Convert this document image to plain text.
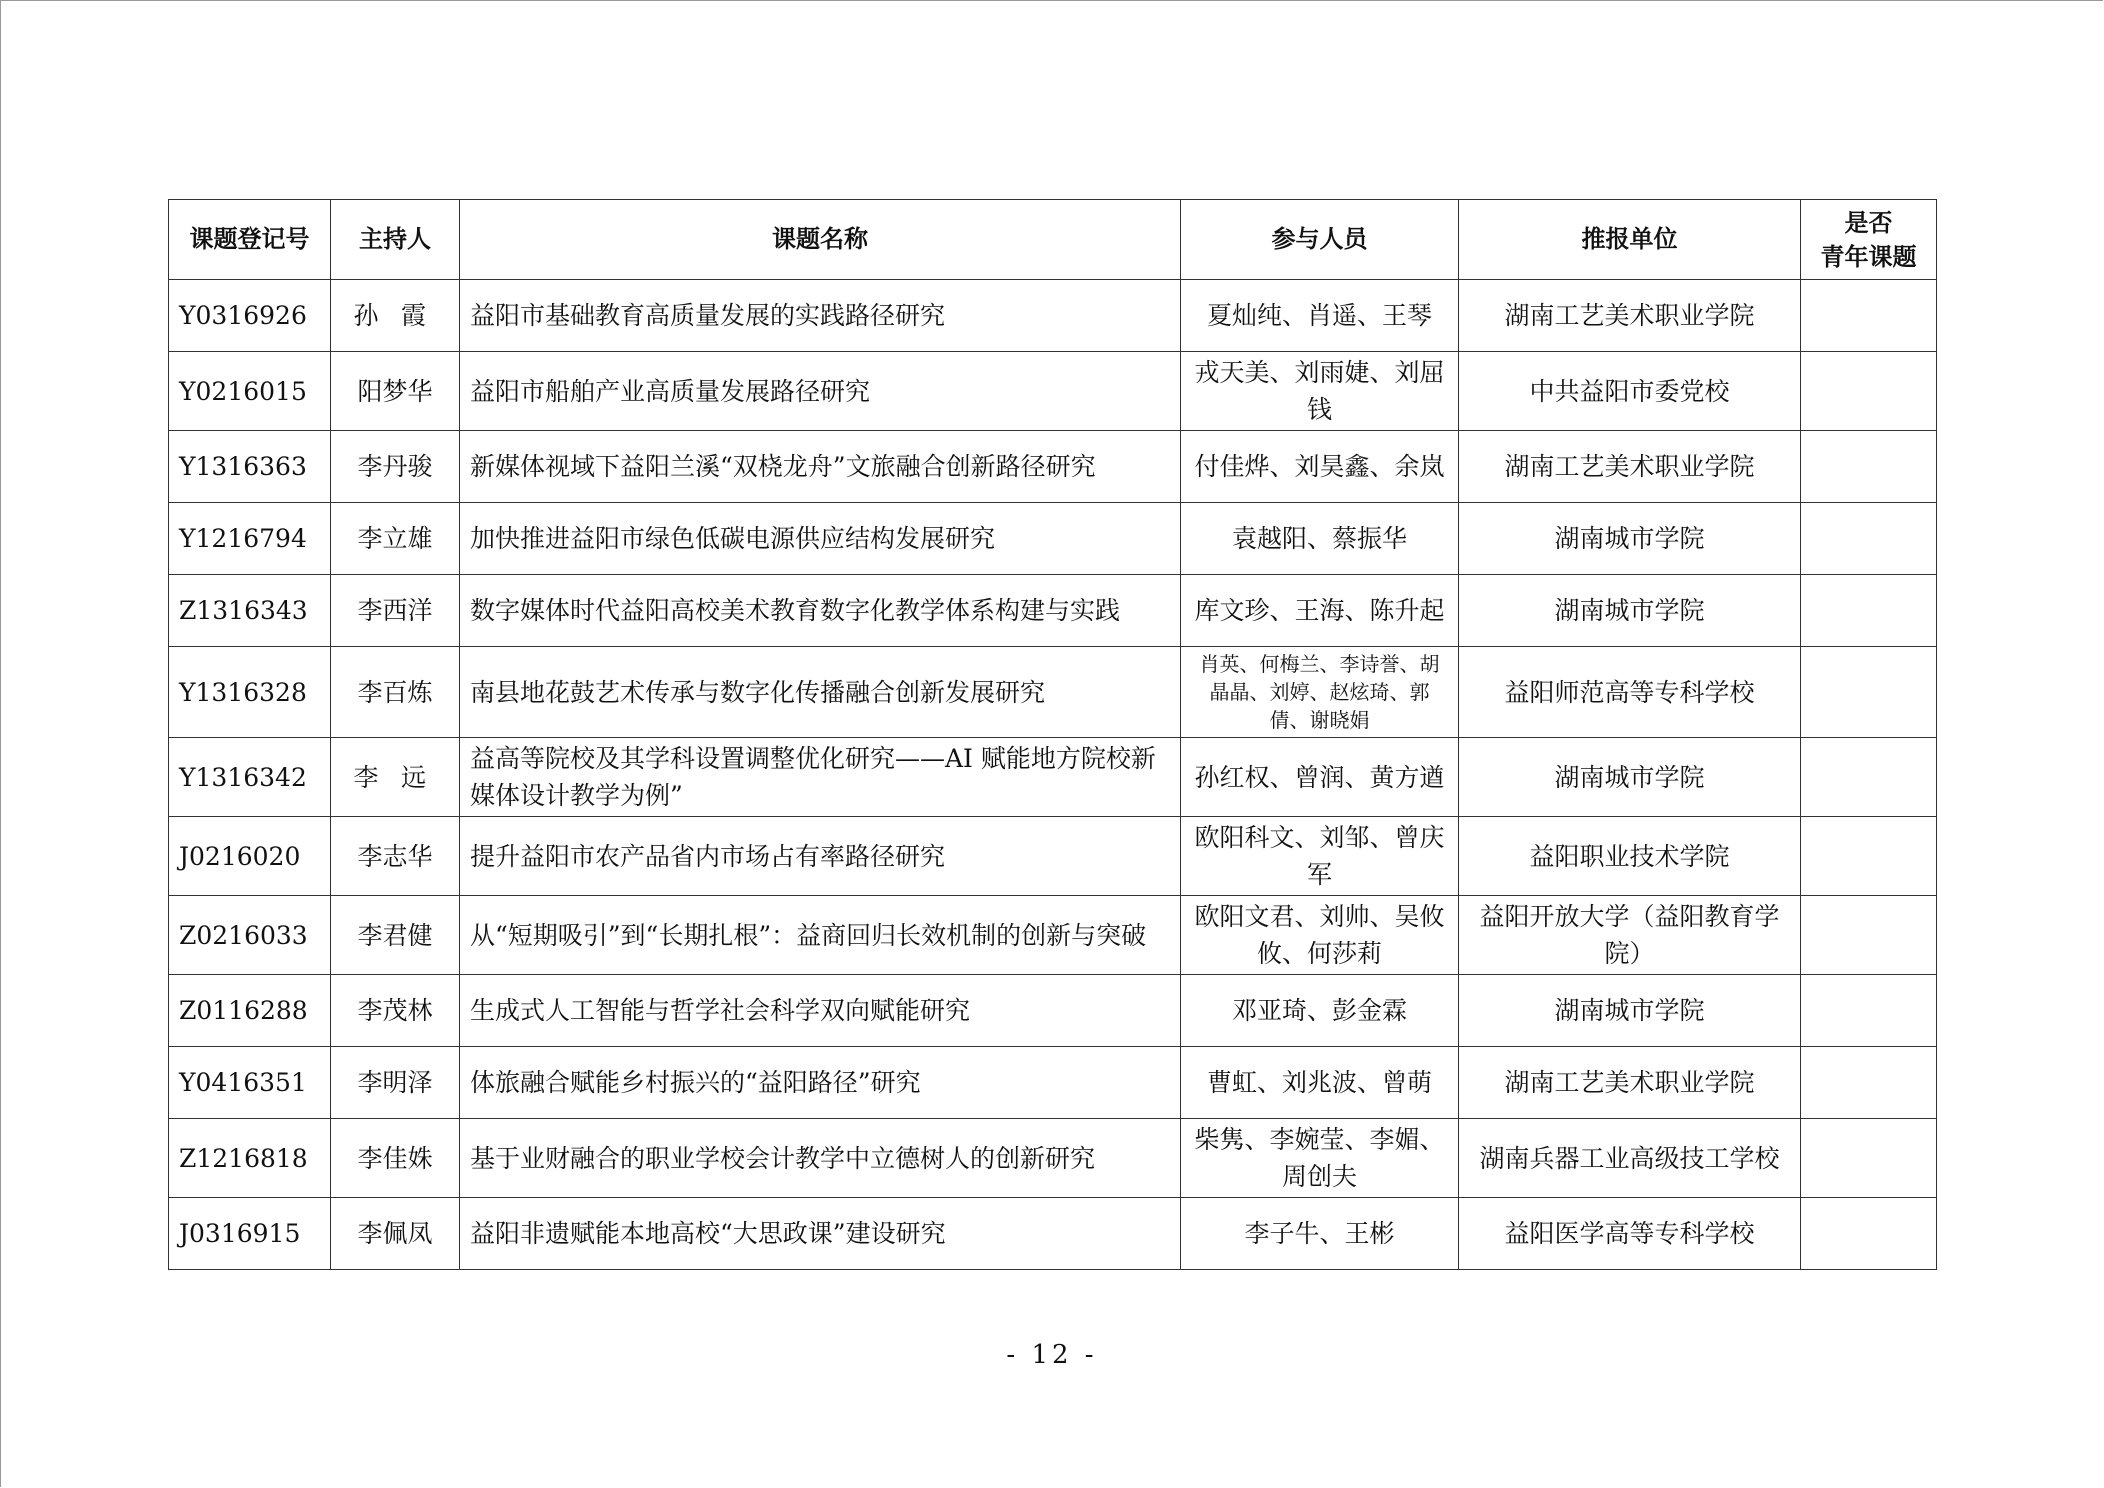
课题登记号	主持人	课题名称	参与人员	推报单位	是否
青年课题

Y0316926	孙霞	益阳市基础教育高质量发展的实践路径研究	夏灿纯、肖遥、王琴	湖南工艺美术职业学院	
Y0216015	阳梦华	益阳市船舶产业高质量发展路径研究	戎天美、刘雨婕、刘屈钱	中共益阳市委党校	
Y1316363	李丹骏	新媒体视域下益阳兰溪“双桡龙舟”文旅融合创新路径研究	付佳烨、刘昊鑫、余岚	湖南工艺美术职业学院	
Y1216794	李立雄	加快推进益阳市绿色低碳电源供应结构发展研究	袁越阳、蔡振华	湖南城市学院	
Z1316343	李西洋	数字媒体时代益阳高校美术教育数字化教学体系构建与实践	库文珍、王海、陈升起	湖南城市学院	
Y1316328	李百炼	南县地花鼓艺术传承与数字化传播融合创新发展研究	肖英、何梅兰、李诗誉、胡晶晶、刘婷、赵炫琦、郭倩、谢晓娟	益阳师范高等专科学校	
Y1316342	李远	益高等院校及其学科设置调整优化研究——AI 赋能地方院校新媒体设计教学为例”	孙红权、曾润、黄方遒	湖南城市学院	
J0216020	李志华	提升益阳市农产品省内市场占有率路径研究	欧阳科文、刘邹、曾庆军	益阳职业技术学院	
Z0216033	李君健	从“短期吸引”到“长期扎根”：益商回归长效机制的创新与突破	欧阳文君、刘帅、吴攸攸、何莎莉	益阳开放大学（益阳教育学院）	
Z0116288	李茂林	生成式人工智能与哲学社会科学双向赋能研究	邓亚琦、彭金霖	湖南城市学院	
Y0416351	李明泽	体旅融合赋能乡村振兴的“益阳路径”研究	曹虹、刘兆波、曾萌	湖南工艺美术职业学院	
Z1216818	李佳姝	基于业财融合的职业学校会计教学中立德树人的创新研究	柴隽、李婉莹、李媚、周创夫	湖南兵器工业高级技工学校	
J0316915	李佩凤	益阳非遗赋能本地高校“大思政课”建设研究	李子牛、王彬	益阳医学高等专科学校	
- 12 -
